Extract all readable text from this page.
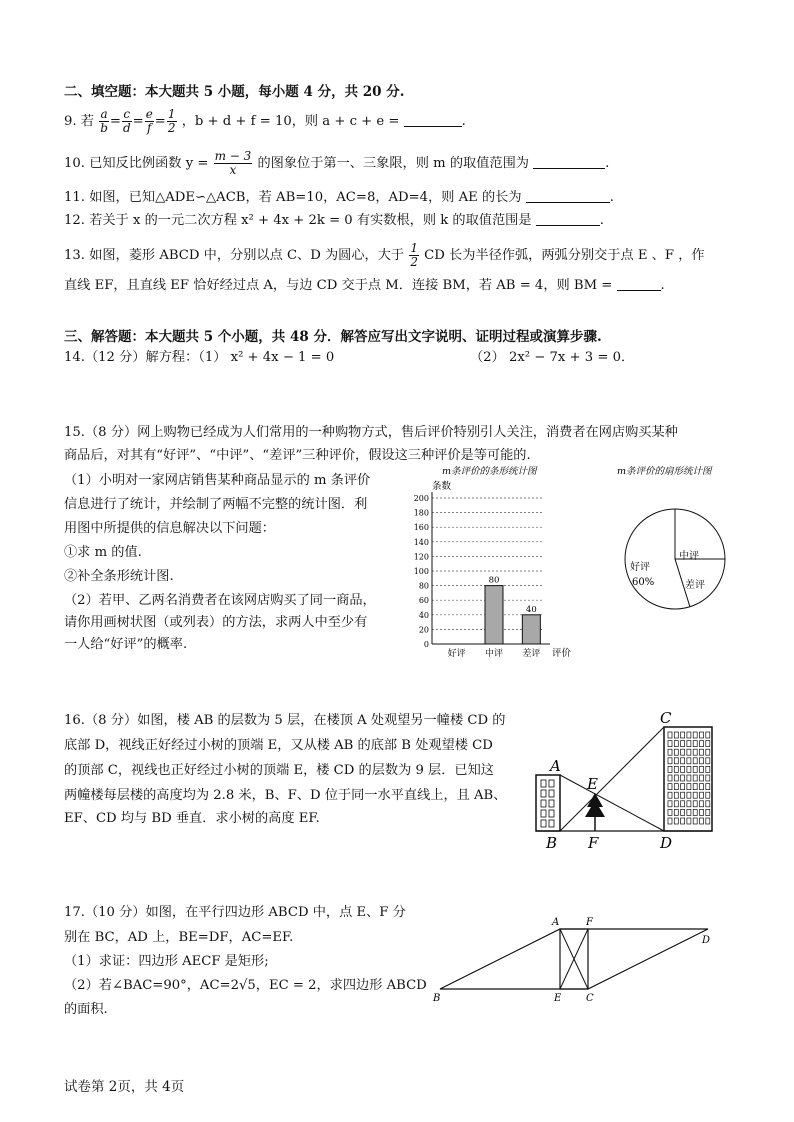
二、填空题：本大题共 5 小题，每小题 4 分，共 20 分.
9. 若 $\frac{a}{b} = \frac{c}{d} = \frac{e}{f} = \frac{1}{2}$ ，b + d + f = 10，则 a + c + e =	.
10. 已知反比例函数 $y = \frac{m - 3}{x}$ 的图象位于第一、三象限，则 m 的取值范围为	.
11. 如图，已知△ADE∽△ACB，若 AB=10，AC=8，AD=4，则 AE 的长为	.
12. 若关于 x 的一元二次方程 x² + 4x + 2k = 0 有实数根，则 k 的取值范围是	.
13. 如图，菱形 ABCD 中，分别以点 C、D 为圆心，大于 $\frac{1}{2}$ CD 长为半径作弧，两弧分别交于点 E 、F ，作
直线 EF，且直线 EF 恰好经过点 A，与边 CD 交于点 M．连接 BM，若 AB = 4，则 BM =	.
三、解答题：本大题共 5 个小题，共 48 分．解答应写出文字说明、证明过程或演算步骤.
14.（12 分）解方程：（1） x² + 4x − 1 = 0	（2） 2x² − 7x + 3 = 0．
15.（8 分）网上购物已经成为人们常用的一种购物方式，售后评价特别引人关注，消费者在网店购买某种
商品后，对其有“好评”、“中评”、“差评”三种评价，假设这三种评价是等可能的.
（1）小明对一家网店销售某种商品显示的 m 条评价
信息进行了统计，并绘制了两幅不完整的统计图．利
用图中所提供的信息解决以下问题：
①求 m 的值.
②补全条形统计图.
（2）若甲、乙两名消费者在该网店购买了同一商品，
请你用画树状图（或列表）的方法，求两人中至少有
一人给“好评”的概率.
m条评价的条形统计图
条数
0
20
40
60
80
100
120
140
160
180
200
80
40
好评 中评 差评 评价
m条评价的扇形统计图
好评
60%
中评
差评
16.（8 分）如图，楼 AB 的层数为 5 层，在楼顶 A 处观望另一幢楼 CD 的
底部 D，视线正好经过小树的顶端 E，又从楼 AB 的底部 B 处观望楼 CD
的顶部 C，视线也正好经过小树的顶端 E，楼 CD 的层数为 9 层．已知这
两幢楼每层楼的高度均为 2.8 米，B、F、D 位于同一水平直线上，且 AB、
EF、CD 均与 BD 垂直．求小树的高度 EF.
A
B
C
D
E
F
17.（10 分）如图，在平行四边形 ABCD 中，点 E、F 分
别在 BC，AD 上，BE=DF，AC=EF.
（1）求证：四边形 AECF 是矩形;
（2）若∠BAC=90°，AC=2√5，EC = 2，求四边形 ABCD
的面积.
A	F
D
B	E C
试卷第 2页，共 4页
